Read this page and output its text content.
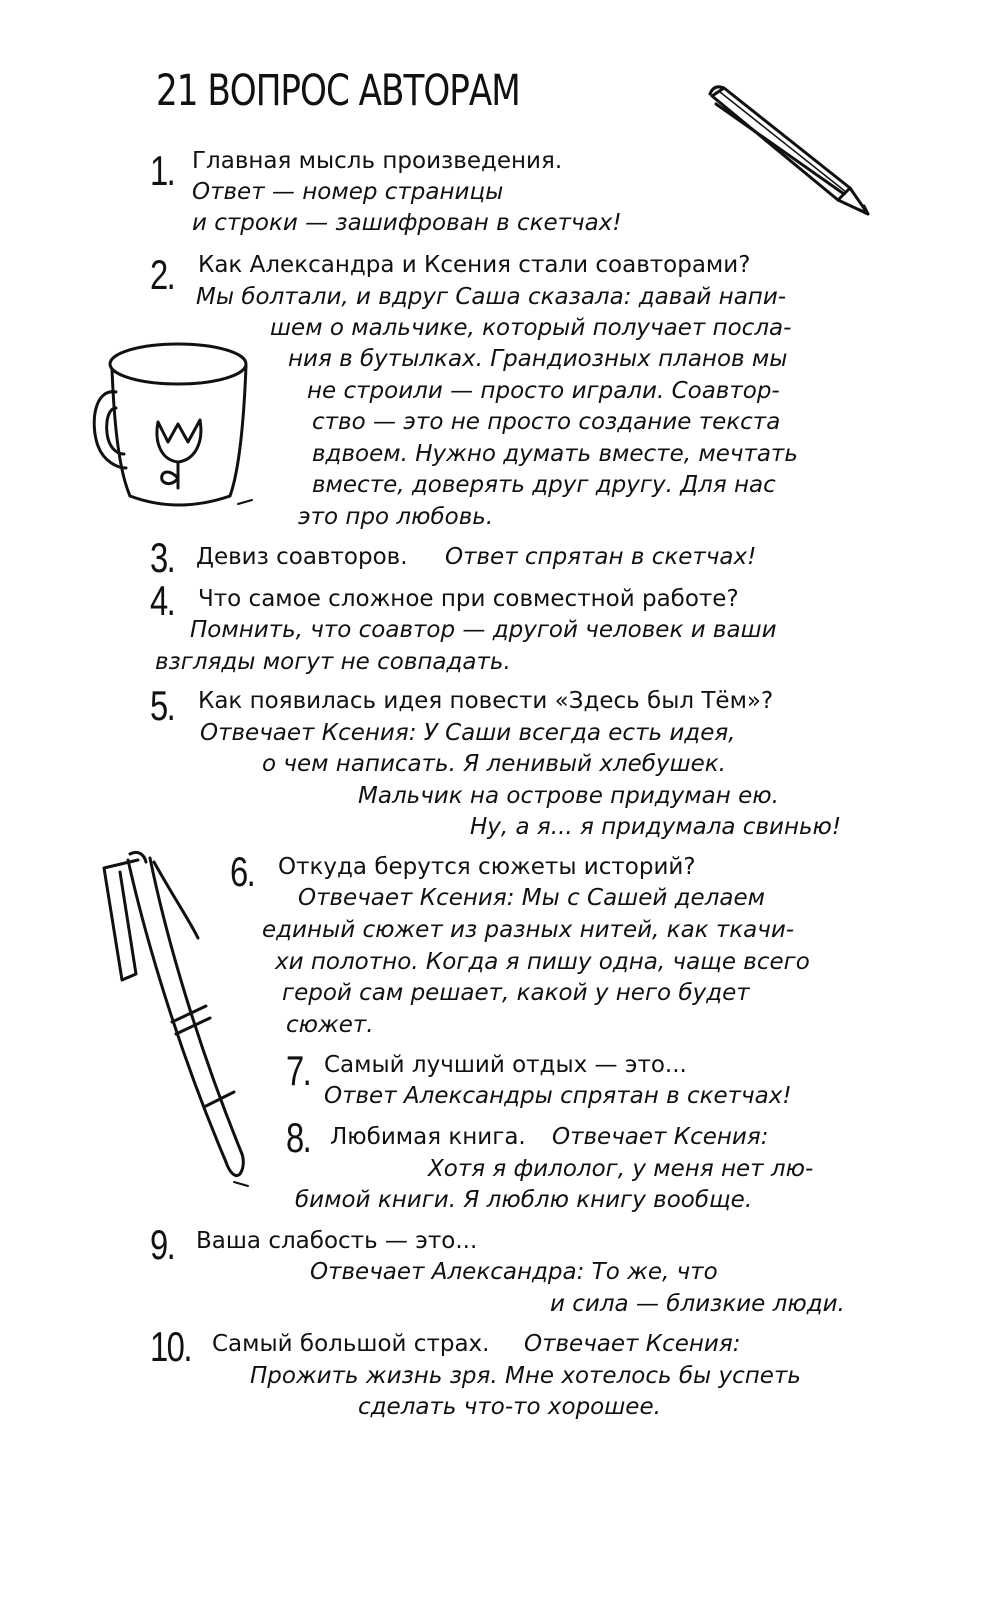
21 ВОПРОС АВТОРАМ
1.
2.
3.
4.
5.
6.
7.
8.
9.
10.
Главная мысль произведения.
Ответ — номер страницы
и строки — зашифрован в скетчах!
Как Александра и Ксения стали соавторами?
Мы болтали, и вдруг Саша сказала: давай напи-
шем о мальчике, который получает посла-
ния в бутылках. Грандиозных планов мы
не строили — просто играли. Соавтор-
ство — это не просто создание текста
вдвоем. Нужно думать вместе, мечтать
вместе, доверять друг другу. Для нас
это про любовь.
Девиз соавторов. Ответ спрятан в скетчах!
Что самое сложное при совместной работе?
Помнить, что соавтор — другой человек и ваши
взгляды могут не совпадать.
Как появилась идея повести «Здесь был Тём»?
Отвечает Ксения: У Саши всегда есть идея,
о чем написать. Я ленивый хлебушек.
Мальчик на острове придуман ею.
Ну, а я... я придумала свинью!
Откуда берутся сюжеты историй?
Отвечает Ксения: Мы с Сашей делаем
единый сюжет из разных нитей, как ткачи-
хи полотно. Когда я пишу одна, чаще всего
герой сам решает, какой у него будет
сюжет.
Самый лучший отдых — это...
Ответ Александры спрятан в скетчах!
Любимая книга. Отвечает Ксения:
Хотя я филолог, у меня нет лю-
бимой книги. Я люблю книгу вообще.
Ваша слабость — это...
Отвечает Александра: То же, что
и сила — близкие люди.
Самый большой страх. Отвечает Ксения:
Прожить жизнь зря. Мне хотелось бы успеть
сделать что-то хорошее.
